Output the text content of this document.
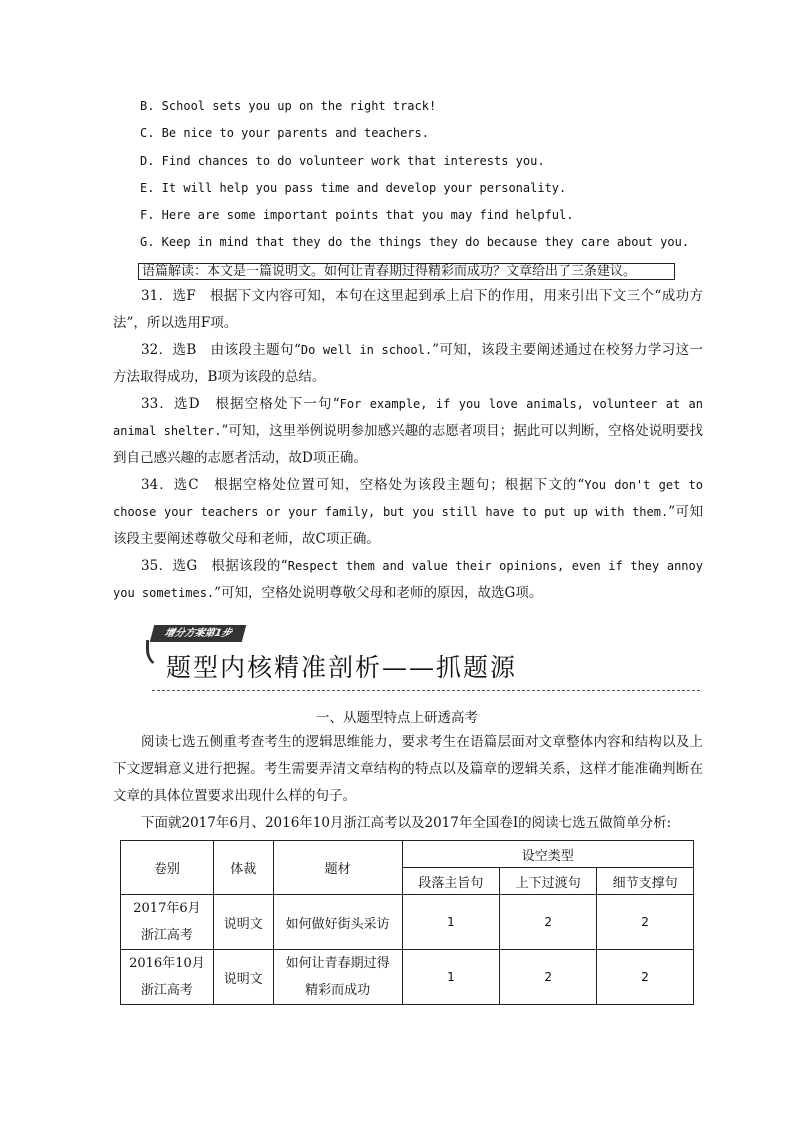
B. School sets you up on the right track!
C. Be nice to your parents and teachers.
D. Find chances to do volunteer work that interests you.
E. It will help you pass time and develop your personality.
F. Here are some important points that you may find helpful.
G. Keep in mind that they do the things they do because they care about you.
语篇解读：本文是一篇说明文。如何让青春期过得精彩而成功？文章给出了三条建议。

31．选F　根据下文内容可知，本句在这里起到承上启下的作用，用来引出下文三个“成功方法”，所以选用F项。

32．选B　由该段主题句“Do well in school.”可知，该段主要阐述通过在校努力学习这一方法取得成功，B项为该段的总结。

33．选D　根据空格处下一句“For example, if you love animals, volunteer at an animal shelter.”可知，这里举例说明参加感兴趣的志愿者项目；据此可以判断，空格处说明要找到自己感兴趣的志愿者活动，故D项正确。

34．选C　根据空格处位置可知，空格处为该段主题句；根据下文的“You don't get to choose your teachers or your family, but you still have to put up with them.”可知该段主要阐述尊敬父母和老师，故C项正确。

35．选G　根据该段的“Respect them and value their opinions, even if they annoy you sometimes.”可知，空格处说明尊敬父母和老师的原因，故选G项。

增分方案第1步
题型内核精准剖析——抓题源
一、从题型特点上研透高考

阅读七选五侧重考查考生的逻辑思维能力，要求考生在语篇层面对文章整体内容和结构以及上下文逻辑意义进行把握。考生需要弄清文章结构的特点以及篇章的逻辑关系，这样才能准确判断在文章的具体位置要求出现什么样的句子。

下面就2017年6月、2016年10月浙江高考以及2017年全国卷Ⅰ的阅读七选五做简单分析:

卷别	体裁	题材	设空类型		
			段落主旨句	上下过渡句	细节支撑句
2017年6月
浙江高考	说明文	如何做好街头采访	1	2	2
2016年10月
浙江高考	说明文	如何让青春期过得精彩而成功	1	2	2
